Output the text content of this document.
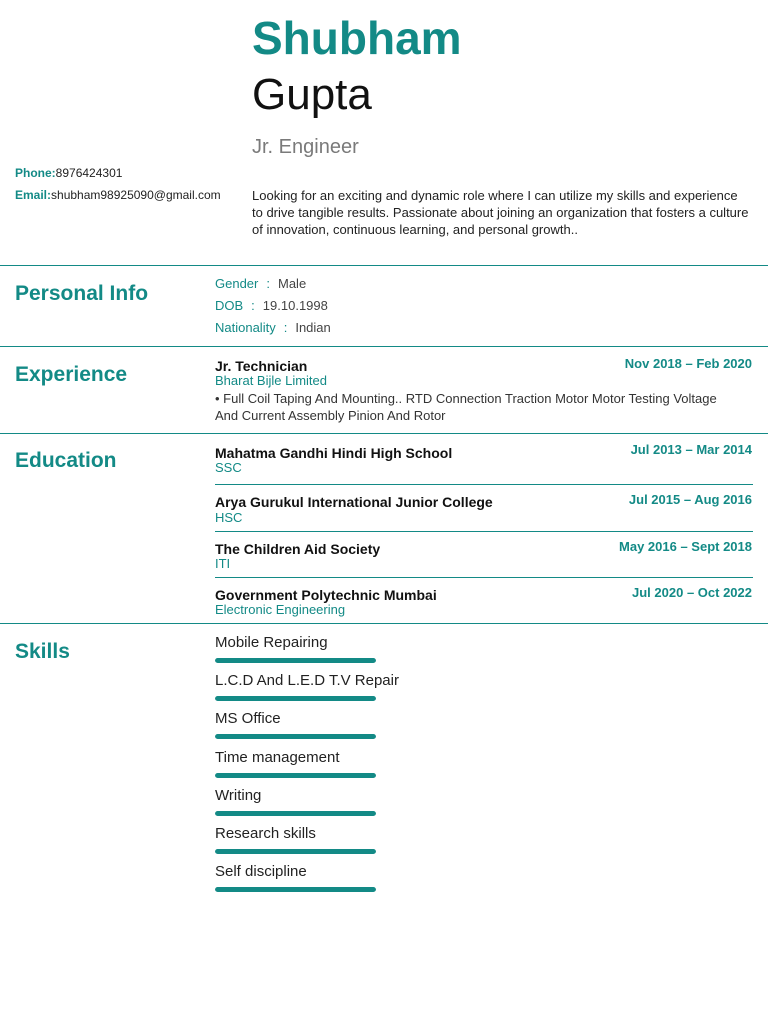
Shubham
Gupta
Jr. Engineer
Looking for an exciting and dynamic role where I can utilize my skills and experience to drive tangible results. Passionate about joining an organization that fosters a culture of innovation, continuous learning, and personal growth..
Phone:8976424301
Email:shubham98925090@gmail.com
Personal Info	Gender : Male
DOB : 19.10.1998
Nationality : Indian
Experience	Jr. Technician	Nov 2018 – Feb 2020
Bharat Bijle Limited
• Full Coil Taping And Mounting.. RTD Connection Traction Motor Motor Testing Voltage And Current Assembly Pinion And Rotor
Education	Mahatma Gandhi Hindi High School	Jul 2013 – Mar 2014
SSC
Arya Gurukul International Junior College	Jul 2015 – Aug 2016
HSC
The Children Aid Society	May 2016 – Sept 2018
ITI
Government Polytechnic Mumbai	Jul 2020 – Oct 2022
Electronic Engineering
Skills	Mobile Repairing
L.C.D And L.E.D T.V Repair
MS Office
Time management
Writing
Research skills
Self discipline
